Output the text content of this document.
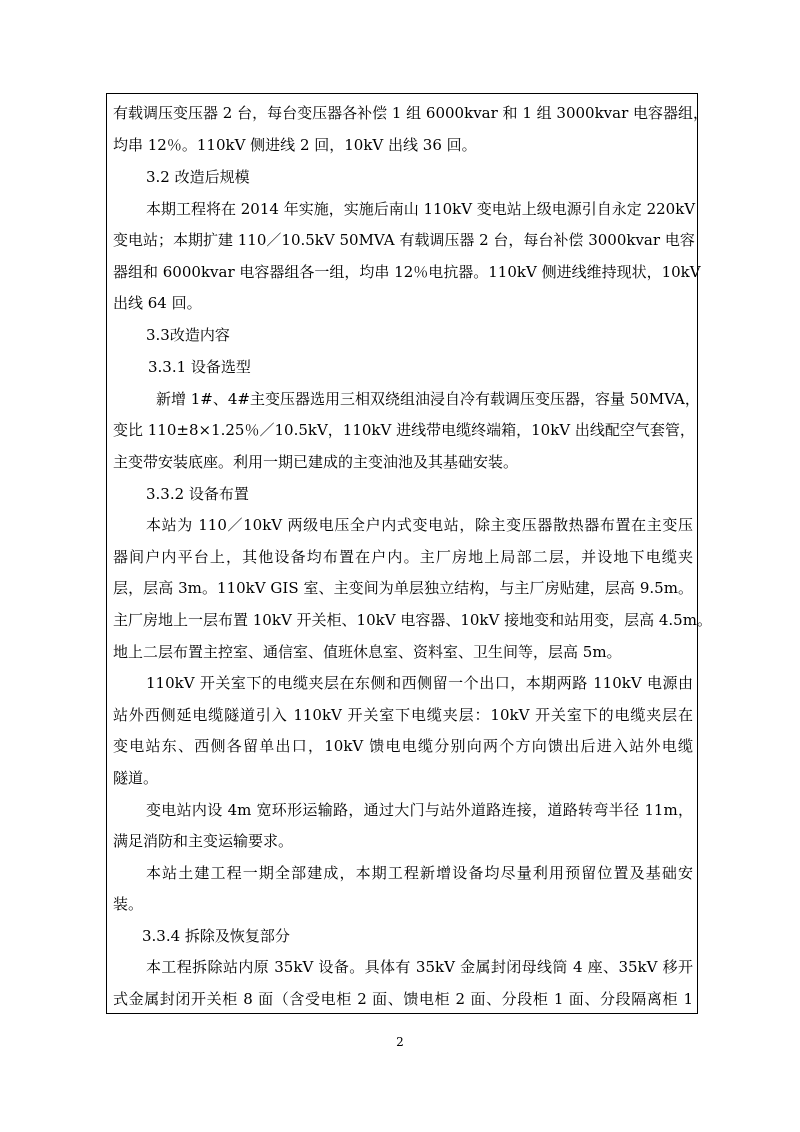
有载调压变压器 2 台，每台变压器各补偿 1 组 6000kvar 和 1 组 3000kvar 电容器组，
均串 12％。110kV 侧进线 2 回，10kV 出线 36 回。
3.2 改造后规模
本期工程将在 2014 年实施，实施后南山 110kV 变电站上级电源引自永定 220kV
变电站；本期扩建 110／10.5kV 50MVA 有载调压器 2 台，每台补偿 3000kvar 电容
器组和 6000kvar 电容器组各一组，均串 12％电抗器。110kV 侧进线维持现状，10kV
出线 64 回。
3.3改造内容
3.3.1 设备选型
新增 1#、4#主变压器选用三相双绕组油浸自冷有载调压变压器，容量 50MVA，
变比 110±8×1.25％／10.5kV，110kV 进线带电缆终端箱，10kV 出线配空气套管，
主变带安装底座。利用一期已建成的主变油池及其基础安装。
3.3.2 设备布置
本站为 110／10kV 两级电压全户内式变电站，除主变压器散热器布置在主变压
器间户内平台上，其他设备均布置在户内。主厂房地上局部二层，并设地下电缆夹
层，层高 3m。110kV GIS 室、主变间为单层独立结构，与主厂房贴建，层高 9.5m。
主厂房地上一层布置 10kV 开关柜、10kV 电容器、10kV 接地变和站用变，层高 4.5m。
地上二层布置主控室、通信室、值班休息室、资料室、卫生间等，层高 5m。
110kV 开关室下的电缆夹层在东侧和西侧留一个出口，本期两路 110kV 电源由
站外西侧延电缆隧道引入 110kV 开关室下电缆夹层：10kV 开关室下的电缆夹层在
变电站东、西侧各留单出口，10kV 馈电电缆分别向两个方向馈出后进入站外电缆
隧道。
变电站内设 4m 宽环形运输路，通过大门与站外道路连接，道路转弯半径 11m，
满足消防和主变运输要求。
本站土建工程一期全部建成，本期工程新增设备均尽量利用预留位置及基础安
装。
3.3.4 拆除及恢复部分
本工程拆除站内原 35kV 设备。具体有 35kV 金属封闭母线筒 4 座、35kV 移开
式金属封闭开关柜 8 面（含受电柜 2 面、馈电柜 2 面、分段柜 1 面、分段隔离柜 1
2
